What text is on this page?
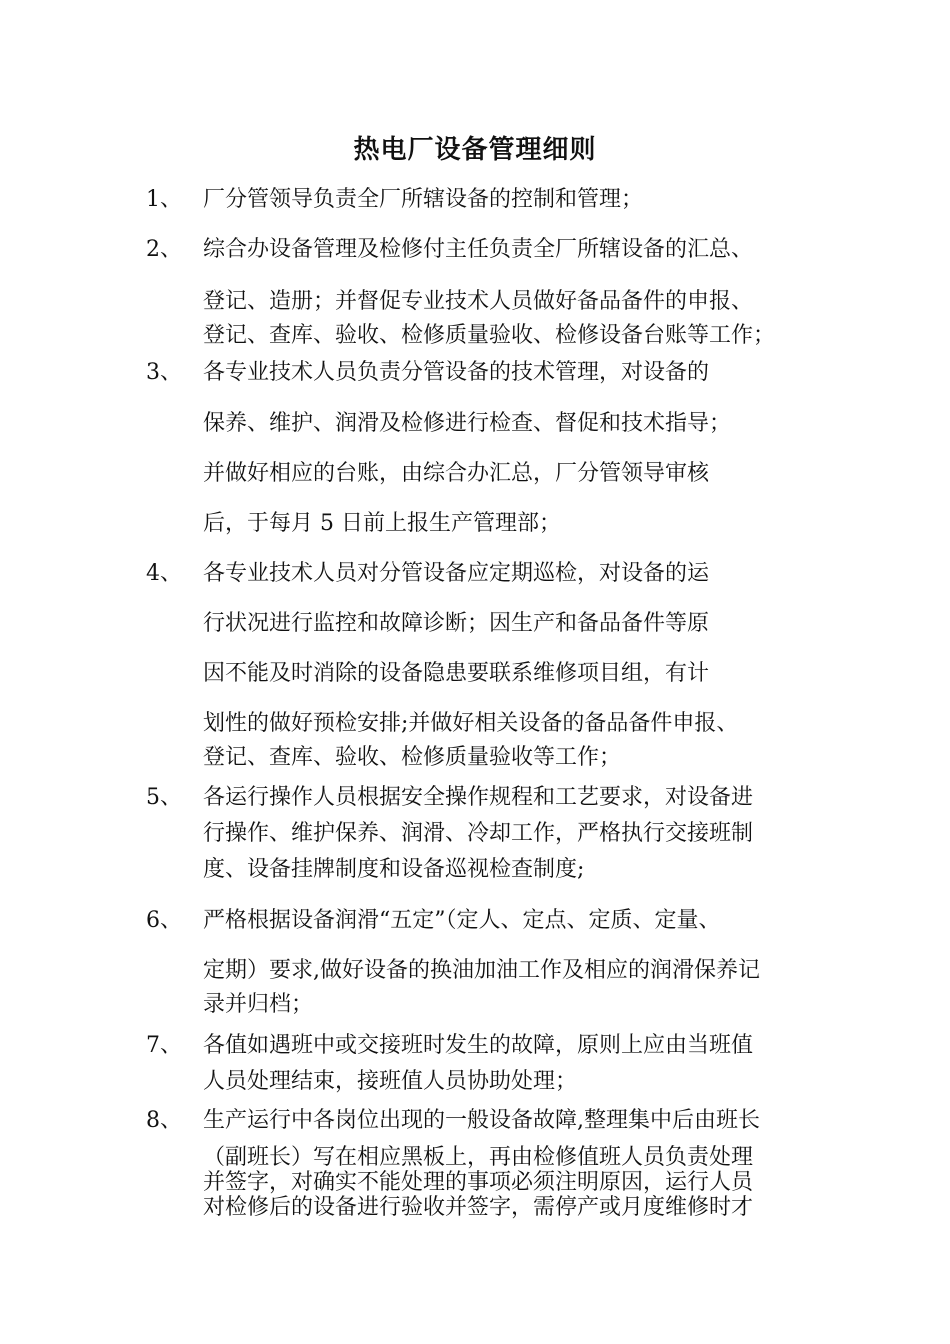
热电厂设备管理细则
1、 厂分管领导负责全厂所辖设备的控制和管理；
2、 综合办设备管理及检修付主任负责全厂所辖设备的汇总、
登记、造册；并督促专业技术人员做好备品备件的申报、
登记、查库、验收、检修质量验收、检修设备台账等工作；
3、 各专业技术人员负责分管设备的技术管理，对设备的
保养、维护、润滑及检修进行检查、督促和技术指导；
并做好相应的台账，由综合办汇总，厂分管领导审核
后，于每月 5 日前上报生产管理部；
4、 各专业技术人员对分管设备应定期巡检，对设备的运
行状况进行监控和故障诊断；因生产和备品备件等原
因不能及时消除的设备隐患要联系维修项目组，有计
划性的做好预检安排;并做好相关设备的备品备件申报、
登记、查库、验收、检修质量验收等工作；
5、 各运行操作人员根据安全操作规程和工艺要求，对设备进
行操作、维护保养、润滑、冷却工作，严格执行交接班制
度、设备挂牌制度和设备巡视检查制度;
6、 严格根据设备润滑“五定”（定人、定点、定质、定量、
定期）要求,做好设备的换油加油工作及相应的润滑保养记
录并归档；
7、 各值如遇班中或交接班时发生的故障，原则上应由当班值
人员处理结束，接班值人员协助处理；
8、 生产运行中各岗位出现的一般设备故障,整理集中后由班长
（副班长）写在相应黑板上，再由检修值班人员负责处理
并签字，对确实不能处理的事项必须注明原因，运行人员
对检修后的设备进行验收并签字，需停产或月度维修时才
